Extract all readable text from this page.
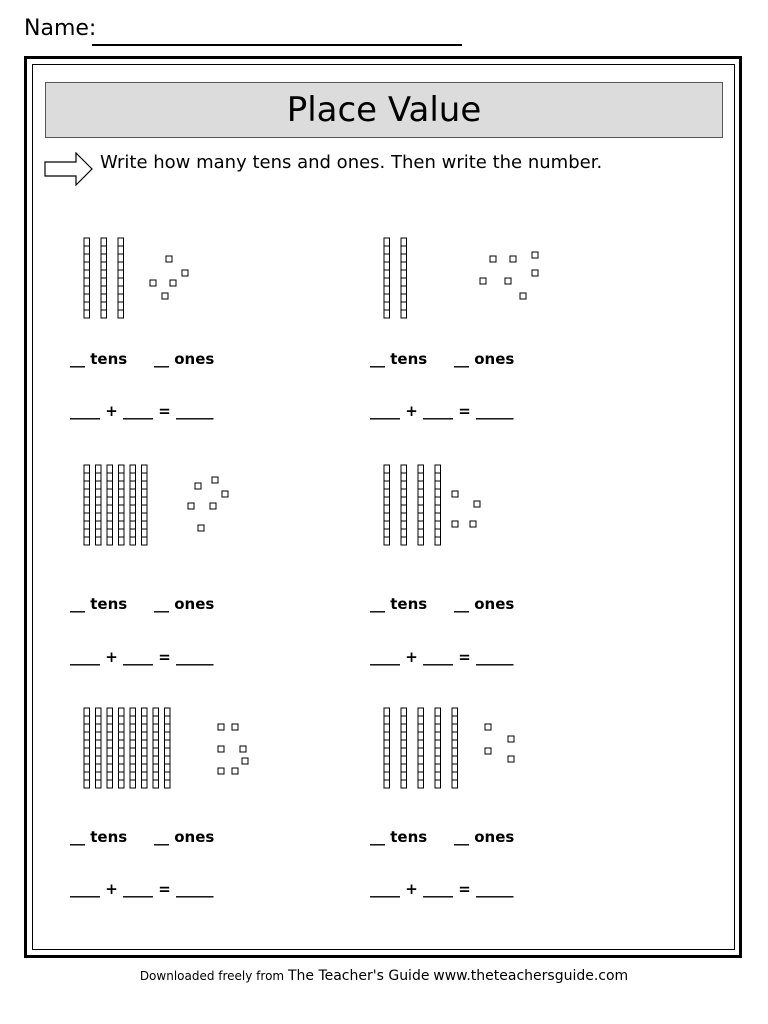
Name:
Place Value
Write how many tens and ones. Then write the number.
__ tens __ ones
____ + ____ = _____
__ tens __ ones
____ + ____ = _____
__ tens __ ones
____ + ____ = _____
__ tens __ ones
____ + ____ = _____
__ tens __ ones
____ + ____ = _____
__ tens __ ones
____ + ____ = _____
Downloaded freely from The Teacher's Guide www.theteachersguide.com
